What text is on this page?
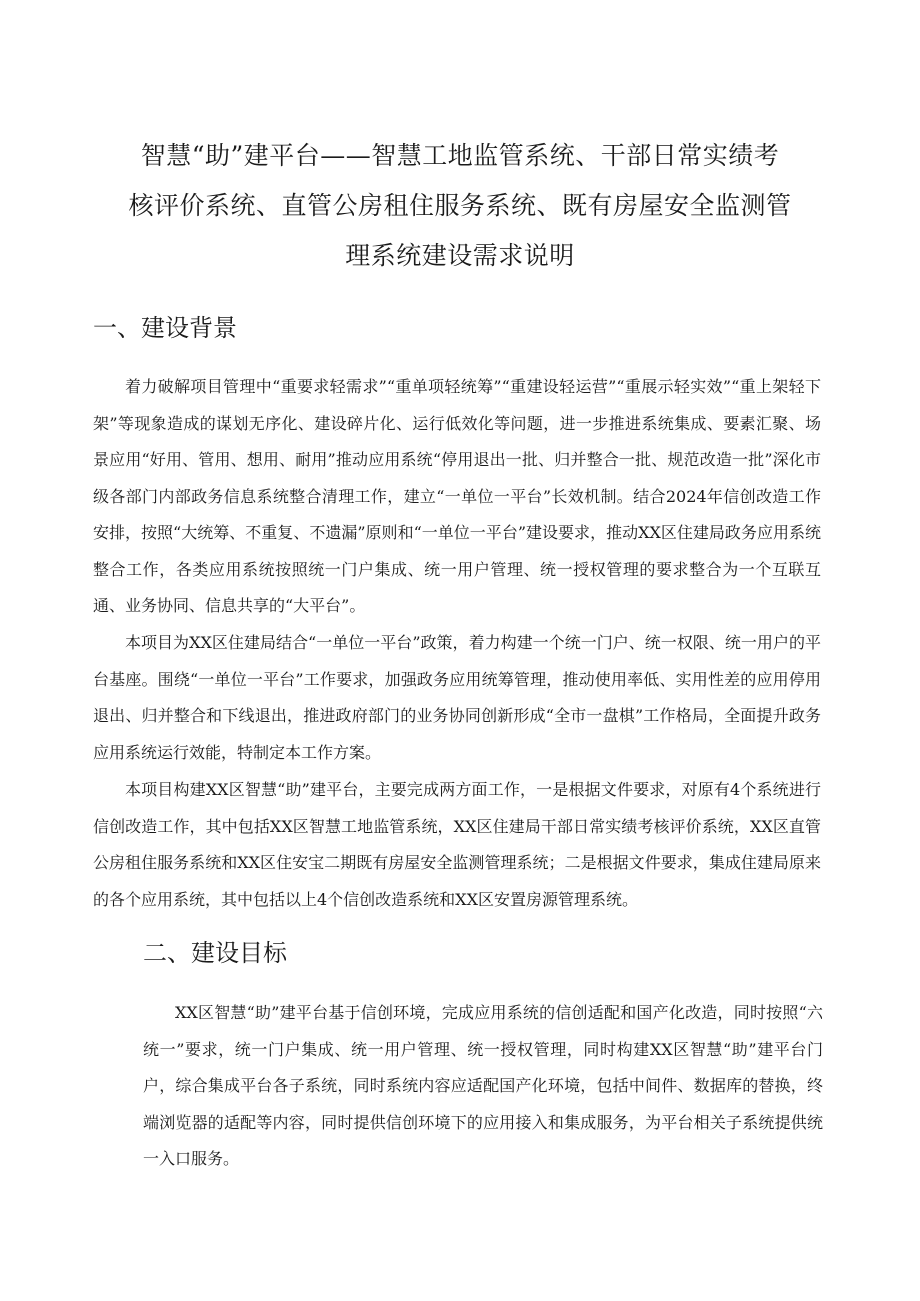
智慧“助”建平台——智慧工地监管系统、干部日常实绩考
核评价系统、直管公房租住服务系统、既有房屋安全监测管
理系统建设需求说明
一、建设背景

着力破解项目管理中“重要求轻需求”“重单项轻统筹”“重建设轻运营”“重展示轻实效”“重上架轻下架”等现象造成的谋划无序化、建设碎片化、运行低效化等问题，进一步推进系统集成、要素汇聚、场景应用“好用、管用、想用、耐用”推动应用系统“停用退出一批、归并整合一批、规范改造一批”深化市级各部门内部政务信息系统整合清理工作，建立“一单位一平台”长效机制。结合2024年信创改造工作安排，按照“大统筹、不重复、不遗漏”原则和“一单位一平台”建设要求，推动XX区住建局政务应用系统整合工作，各类应用系统按照统一门户集成、统一用户管理、统一授权管理的要求整合为一个互联互通、业务协同、信息共享的“大平台”。

本项目为XX区住建局结合“一单位一平台”政策，着力构建一个统一门户、统一权限、统一用户的平台基座。围绕“一单位一平台”工作要求，加强政务应用统筹管理，推动使用率低、实用性差的应用停用退出、归并整合和下线退出，推进政府部门的业务协同创新形成“全市一盘棋”工作格局，全面提升政务应用系统运行效能，特制定本工作方案。

本项目构建XX区智慧“助”建平台，主要完成两方面工作，一是根据文件要求，对原有4个系统进行信创改造工作，其中包括XX区智慧工地监管系统，XX区住建局干部日常实绩考核评价系统，XX区直管公房租住服务系统和XX区住安宝二期既有房屋安全监测管理系统；二是根据文件要求，集成住建局原来的各个应用系统，其中包括以上4个信创改造系统和XX区安置房源管理系统。

二、建设目标

XX区智慧“助”建平台基于信创环境，完成应用系统的信创适配和国产化改造，同时按照“六统一”要求，统一门户集成、统一用户管理、统一授权管理，同时构建XX区智慧“助”建平台门户，综合集成平台各子系统，同时系统内容应适配国产化环境，包括中间件、数据库的替换，终端浏览器的适配等内容，同时提供信创环境下的应用接入和集成服务，为平台相关子系统提供统一入口服务。
